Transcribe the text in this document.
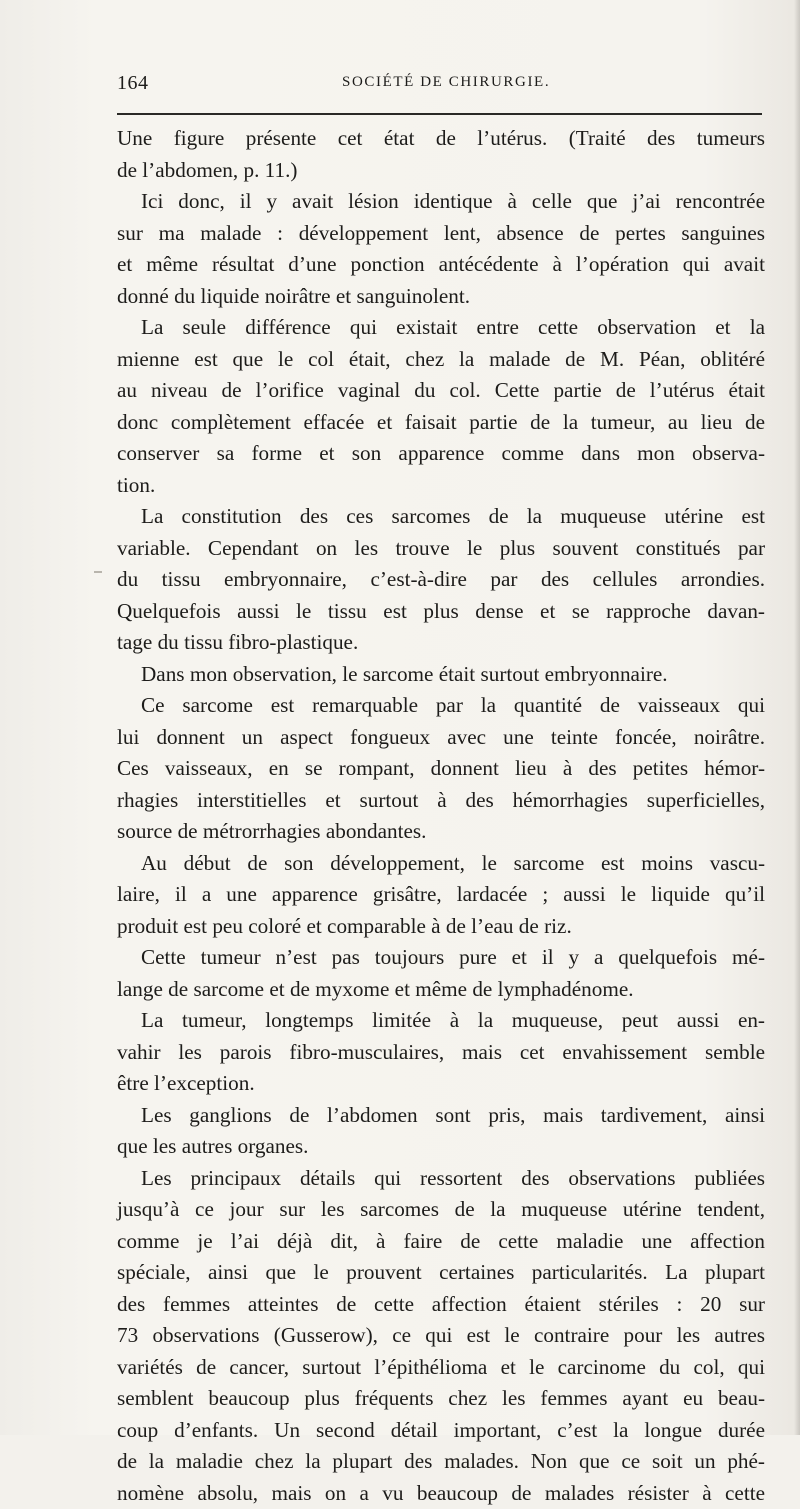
164	SOCIÉTÉ DE CHIRURGIE.
Une figure présente cet état de l’utérus. (Traité des tumeurs
de l’abdomen, p. 11.)
Ici donc, il y avait lésion identique à celle que j’ai rencontrée
sur ma malade : développement lent, absence de pertes sanguines
et même résultat d’une ponction antécédente à l’opération qui avait
donné du liquide noirâtre et sanguinolent.
La seule différence qui existait entre cette observation et la
mienne est que le col était, chez la malade de M. Péan, oblitéré
au niveau de l’orifice vaginal du col. Cette partie de l’utérus était
donc complètement effacée et faisait partie de la tumeur, au lieu de
conserver sa forme et son apparence comme dans mon observa-
tion.
La constitution des ces sarcomes de la muqueuse utérine est
variable. Cependant on les trouve le plus souvent constitués par
du tissu embryonnaire, c’est-à-dire par des cellules arrondies.
Quelquefois aussi le tissu est plus dense et se rapproche davan-
tage du tissu fibro-plastique.
Dans mon observation, le sarcome était surtout embryonnaire.
Ce sarcome est remarquable par la quantité de vaisseaux qui
lui donnent un aspect fongueux avec une teinte foncée, noirâtre.
Ces vaisseaux, en se rompant, donnent lieu à des petites hémor-
rhagies interstitielles et surtout à des hémorrhagies superficielles,
source de métrorrhagies abondantes.
Au début de son développement, le sarcome est moins vascu-
laire, il a une apparence grisâtre, lardacée ; aussi le liquide qu’il
produit est peu coloré et comparable à de l’eau de riz.
Cette tumeur n’est pas toujours pure et il y a quelquefois mé-
lange de sarcome et de myxome et même de lymphadénome.
La tumeur, longtemps limitée à la muqueuse, peut aussi en-
vahir les parois fibro-musculaires, mais cet envahissement semble
être l’exception.
Les ganglions de l’abdomen sont pris, mais tardivement, ainsi
que les autres organes.
Les principaux détails qui ressortent des observations publiées
jusqu’à ce jour sur les sarcomes de la muqueuse utérine tendent,
comme je l’ai déjà dit, à faire de cette maladie une affection
spéciale, ainsi que le prouvent certaines particularités. La plupart
des femmes atteintes de cette affection étaient stériles : 20 sur
73 observations (Gusserow), ce qui est le contraire pour les autres
variétés de cancer, surtout l’épithélioma et le carcinome du col, qui
semblent beaucoup plus fréquents chez les femmes ayant eu beau-
coup d’enfants. Un second détail important, c’est la longue durée
de la maladie chez la plupart des malades. Non que ce soit un phé-
nomène absolu, mais on a vu beaucoup de malades résister à cette
